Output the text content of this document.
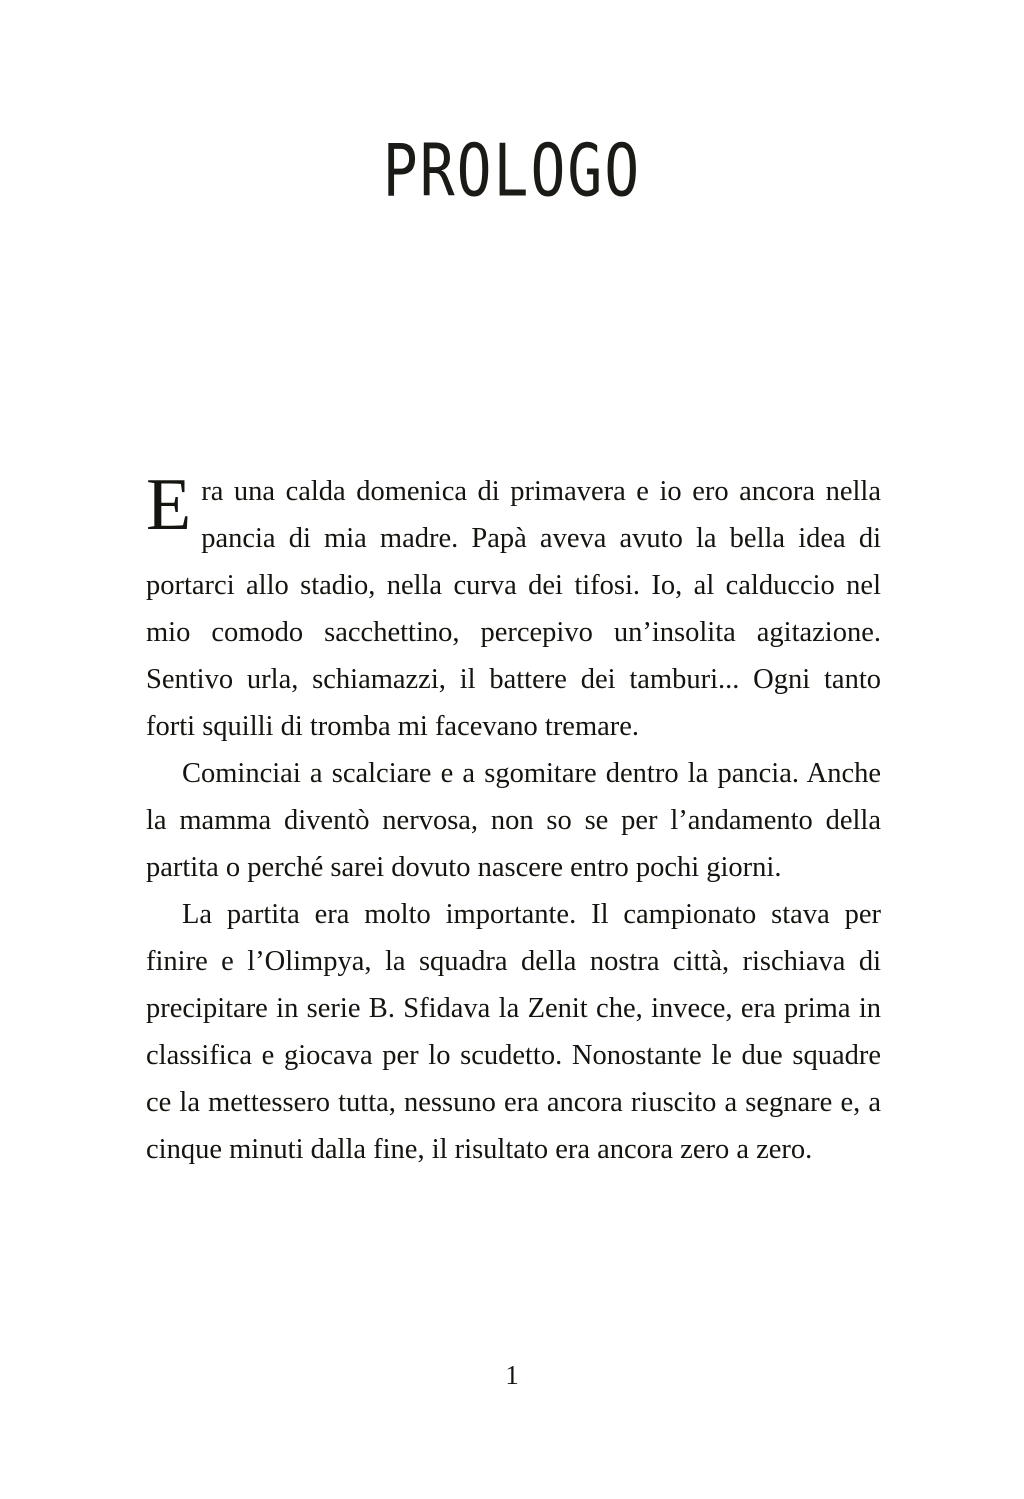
PROLOGO

Era una calda domenica di primavera e io ero ancora nella pancia di mia madre. Papà aveva avuto la bella idea di portarci allo stadio, nella curva dei tifosi. Io, al calduccio nel mio comodo sacchettino, percepivo un’insolita agitazione. Sentivo urla, schiamazzi, il battere dei tamburi... Ogni tanto forti squilli di tromba mi facevano tremare.

Cominciai a scalciare e a sgomitare dentro la pancia. Anche la mamma diventò nervosa, non so se per l’andamento della partita o perché sarei dovuto nascere entro pochi giorni.

La partita era molto importante. Il campionato stava per finire e l’Olimpya, la squadra della nostra città, rischiava di precipitare in serie B. Sfidava la Zenit che, invece, era prima in classifica e giocava per lo scudetto. Nonostante le due squadre ce la mettessero tutta, nessuno era ancora riuscito a segnare e, a cinque minuti dalla fine, il risultato era ancora zero a zero.

1
